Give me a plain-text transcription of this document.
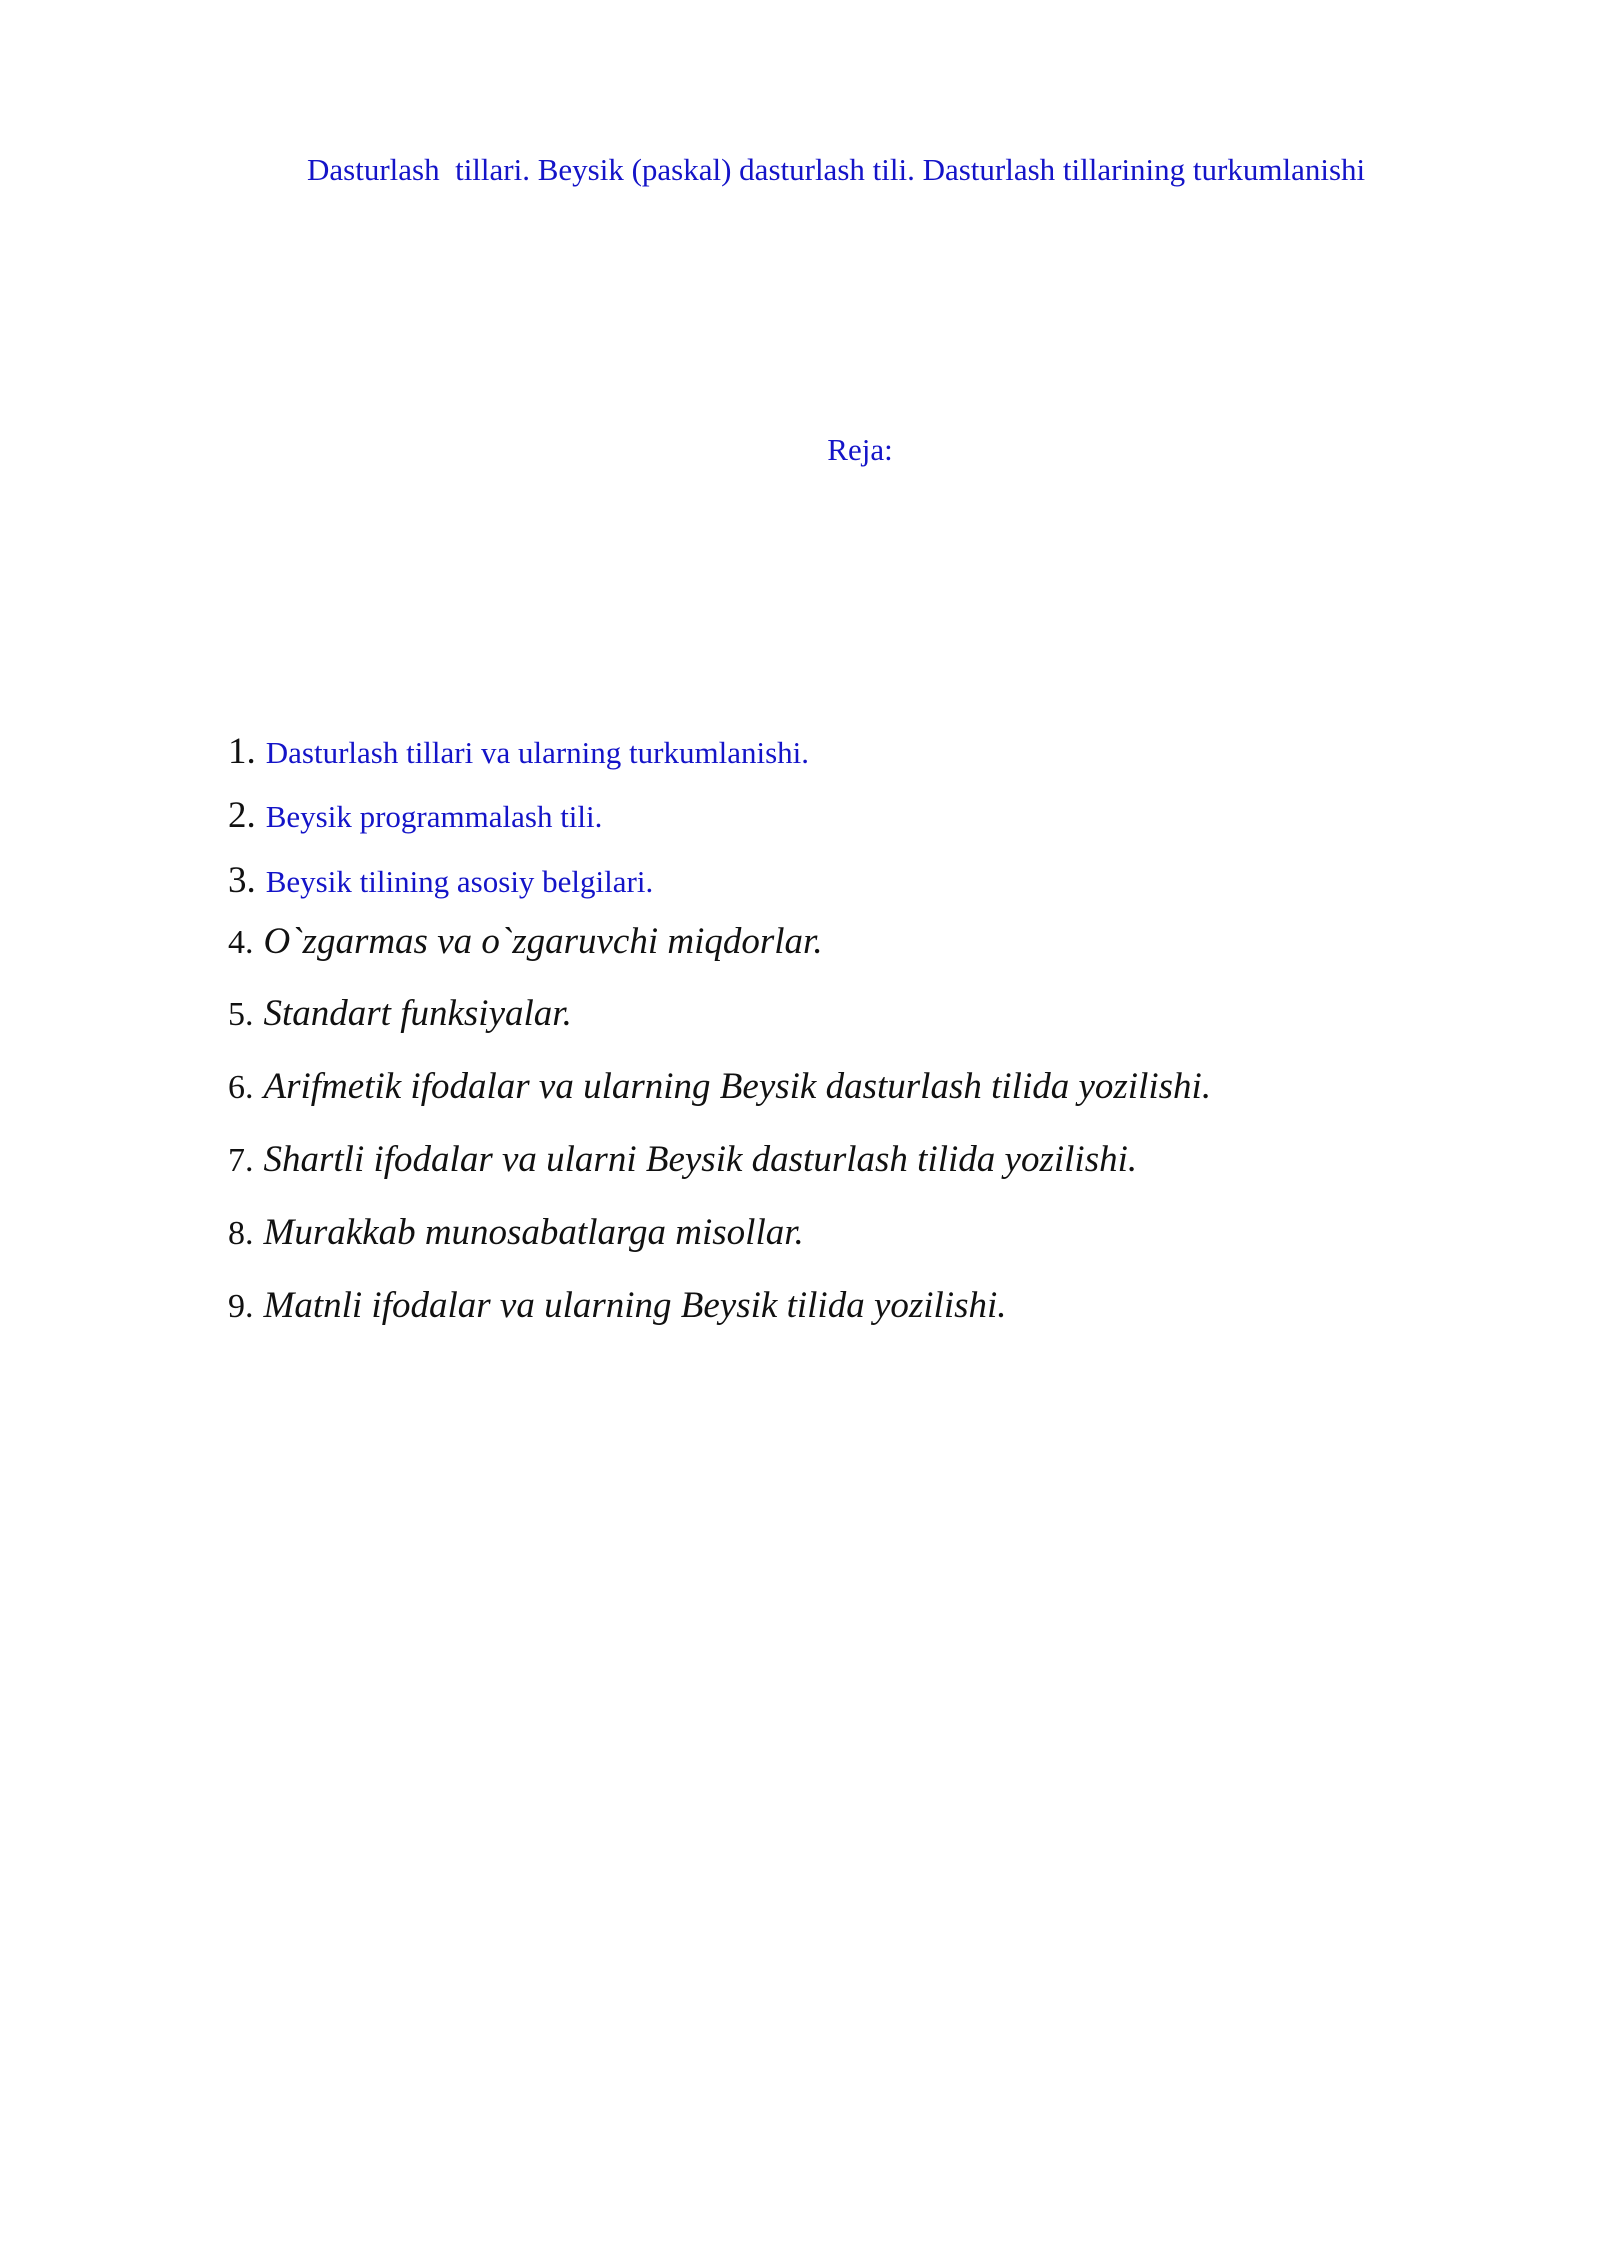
Dasturlash  tillari. Beysik (paskal) dasturlash tili. Dasturlash tillarining turkumlanishi
Reja:
1. Dasturlash tillari va ularning turkumlanishi.
2. Beysik programmalash tili.
3. Beysik tilining asosiy belgilari.
4. O`zgarmas va o`zgaruvchi miqdorlar.
5. Standart funksiyalar.
6. Arifmetik ifodalar va ularning Beysik dasturlash tilida yozilishi.
7. Shartli ifodalar va ularni Beysik dasturlash tilida yozilishi.
8. Murakkab munosabatlarga misollar.
9. Matnli ifodalar va ularning Beysik tilida yozilishi.
